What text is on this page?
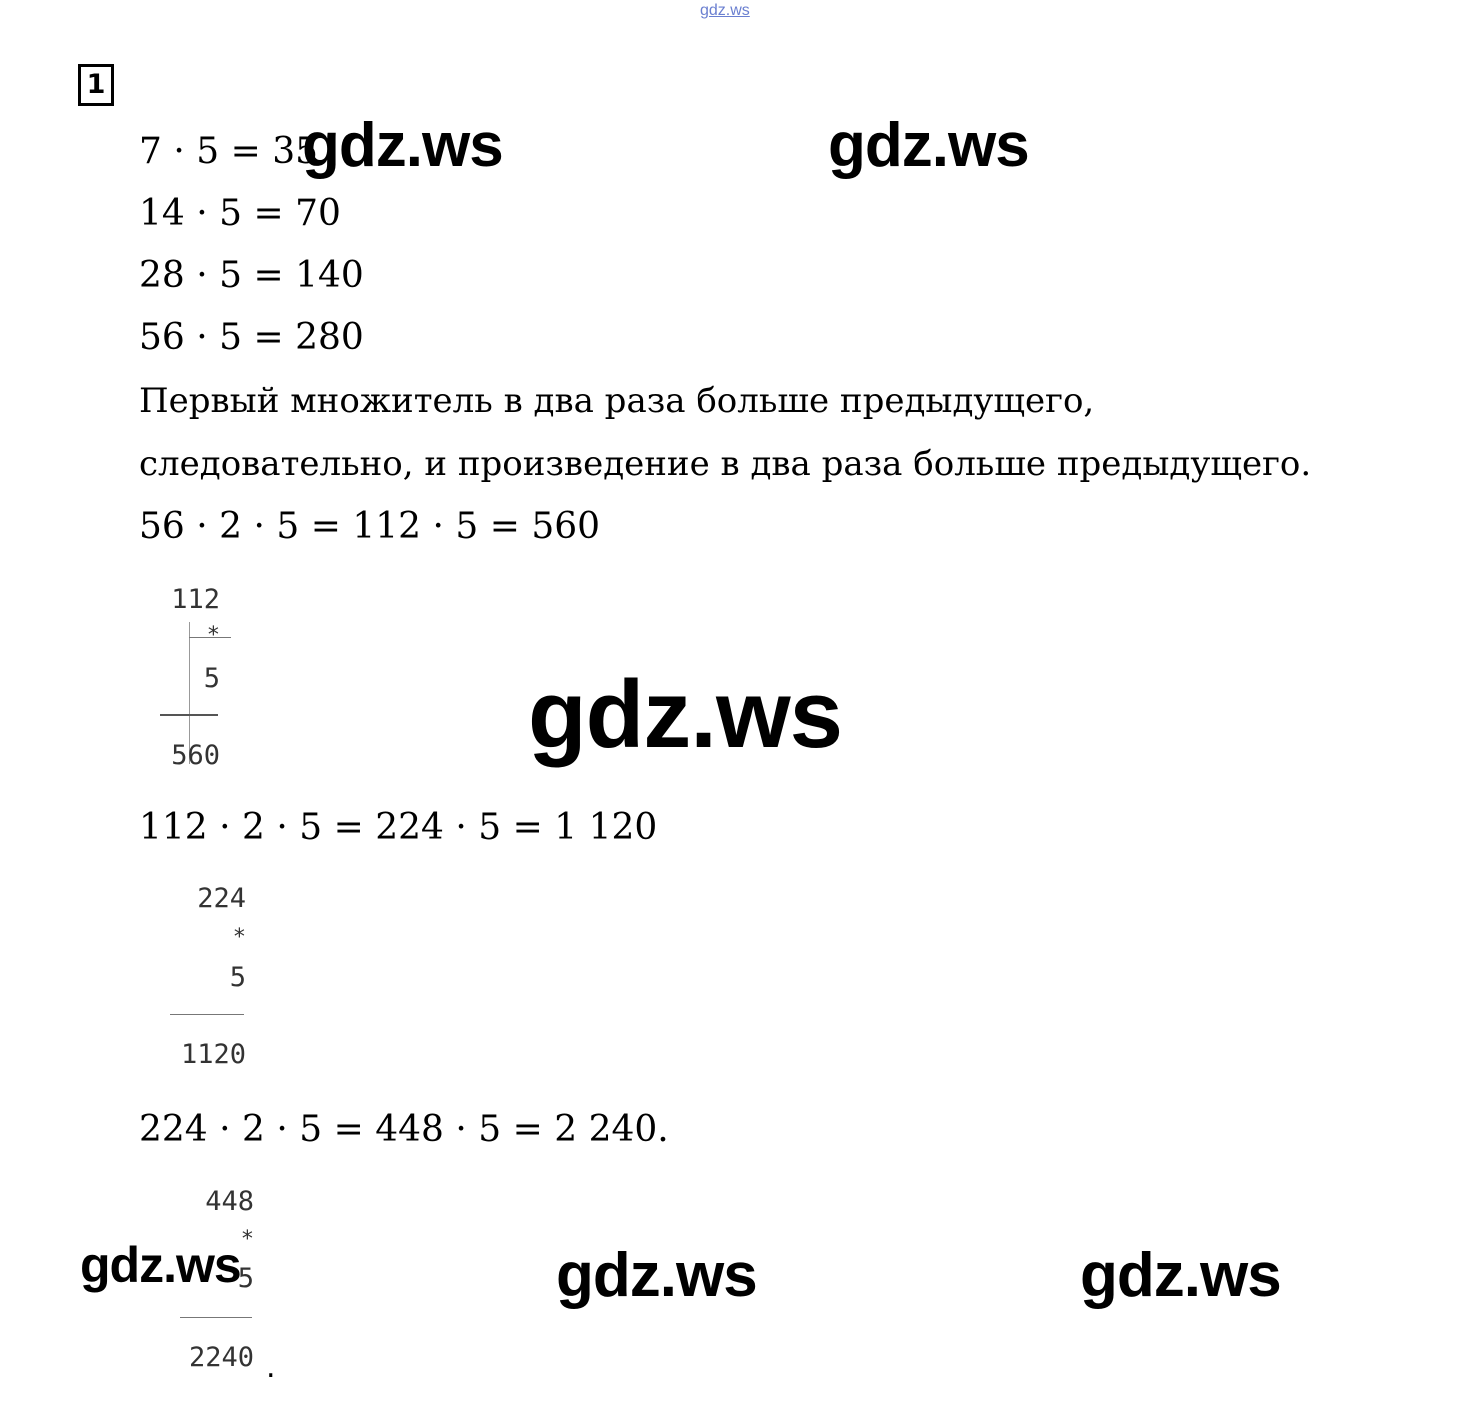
gdz.ws
1
7 · 5 = 35
14 · 5 = 70
28 · 5 = 140
56 · 5 = 280
Первый множитель в два раза больше предыдущего,
следовательно, и произведение в два раза больше предыдущего.
56 · 2 · 5 = 112 · 5 = 560
112
*
5
560
112 · 2 · 5 = 224 · 5 = 1 120
224
*
5
1120
224 · 2 · 5 = 448 · 5 = 2 240.
448
*
5
2240 .
gdz.ws	gdz.ws
gdz.ws
gdz.ws	gdz.ws	gdz.ws
